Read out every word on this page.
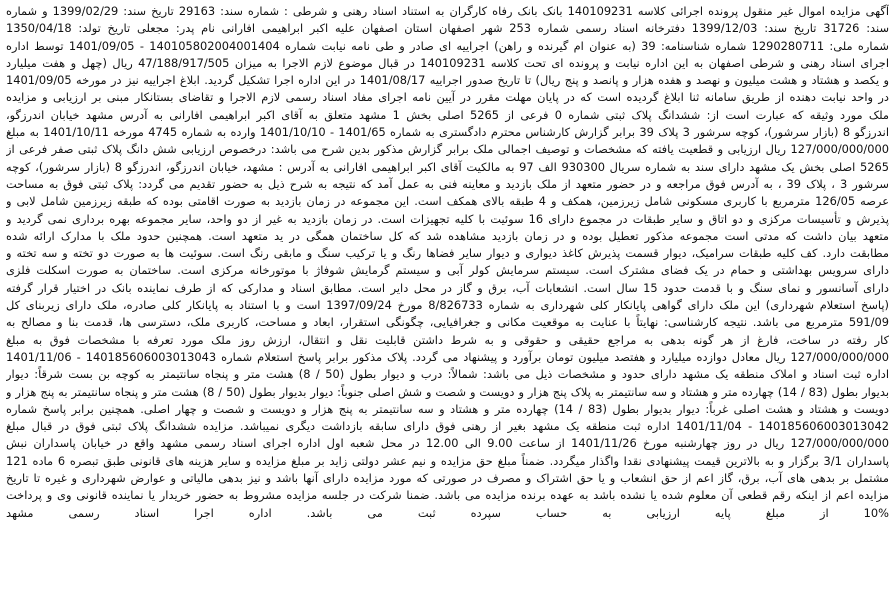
آگهی مزایده اموال غیر منقول پرونده اجرائی کلاسه 140109231 بانک بانک رفاه کارگران به استناد اسناد رهنی و شرطی : شماره سند: 29163 تاریخ سند: 1399/02/29 و شماره
سند: 31726 تاریخ سند: 1399/12/03 دفترخانه اسناد رسمی شماره 253 شهر اصفهان استان اصفهان علیه اکبر ابراهیمی افارانی نام پدر: مجعلی تاریخ تولد: 1350/04/18
شماره ملی: 1290280711 شماره شناسنامه: 39 (به عنوان ام گیرنده و راهن) اجراییه ای صادر و طی نامه نیابت شماره 140105802004001404 - 1401/09/05 توسط اداره
اجرای اسناد رهنی و شرطی اصفهان به این اداره نیابت و پرونده ای تحت کلاسه 140109231 در قبال موضوع لازم الاجرا به میزان 47/188/917/505 ریال (چهل و هفت میلیارد
و یکصد و هشتاد و هشت میلیون و نهصد و هفده هزار و پانصد و پنج ریال) تا تاریخ صدور اجراییه 1401/08/17 در این اداره اجرا تشکیل گردید. ابلاغ اجراییه نیز در مورخه 1401/09/05
در واحد نیابت دهنده از طریق سامانه ثنا ابلاغ گردیده است که در پایان مهلت مقرر در آیین نامه اجرای مفاد اسناد رسمی لازم الاجرا و تقاضای بستانکار مبنی بر ارزیابی و مزایده
ملک مورد وثیقه که عبارت است از: ششدانگ پلاک ثبتی شماره 0 فرعی از 5265 اصلی بخش 1 مشهد متعلق به آقای اکبر ابراهیمی افارانی به آدرس مشهد خیابان اندرزگو،
اندرزگو 8 (بازار سرشور)، کوچه سرشور 3 پلاک 39 برابر گزارش کارشناس محترم دادگستری به شماره 1401/65 - 1401/10/10 وارده به شماره 4745 مورخه 1401/10/11 به مبلغ
127/000/000/000 ریال ارزیابی و قطعیت یافته که مشخصات و توصیف اجمالی ملک برابر گزارش مذکور بدین شرح می باشد: درخصوص ارزیابی شش دانگ پلاک ثبتی صفر فرعی از
5265 اصلی بخش یک مشهد دارای سند به شماره سریال 930300 الف 97 به مالکیت آقای اکبر ابراهیمی افارانی به آدرس : مشهد، خیابان اندرزگو، اندرزگو 8 (بازار سرشور)، کوچه
سرشور 3 ، پلاک 39 ، به آدرس فوق مراجعه و در حضور متعهد از ملک بازدید و معاینه فنی به عمل آمد که نتیجه به شرح ذیل به حضور تقدیم می گردد: پلاک ثبتی فوق به مساحت
عرصه 126/05 مترمربع با کاربری مسکونی شامل زیرزمین، همکف و 4 طبقه بالای همکف است. این مجموعه در زمان بازدید به صورت اقامتی بوده که طبقه زیرزمین شامل لابی و
پذیرش و تأسیسات مرکزی و دو اتاق و سایر طبقات در مجموع دارای 16 سوئیت با کلیه تجهیزات است. در زمان بازدید به غیر از دو واحد، سایر مجموعه بهره برداری نمی گردید و
متعهد بیان داشت که مدتی است مجموعه مذکور تعطیل بوده و در زمان بازدید مشاهده شد که کل ساختمان همگی در ید متعهد است. همچنین حدود ملک با مدارک ارائه شده
مطابقت دارد. کف کلیه طبقات سرامیک، دیوار قسمت پذیرش کاغذ دیواری و دیوار سایر فضاها رنگ و یا ترکیب سنگ و مابقی رنگ است. سوئیت ها به صورت دو تخته و سه تخته و
دارای سرویس بهداشتی و حمام در یک فضای مشترک است. سیستم سرمایش کولر آبی و سیستم گرمایش شوفاژ با موتورخانه مرکزی است. ساختمان به صورت اسکلت فلزی
دارای آسانسور و نمای سنگ و با قدمت حدود 15 سال است. انشعابات آب، برق و گاز در محل دایر است. مطابق اسناد و مدارکی که از طرف نماینده بانک در اختیار قرار گرفته
(پاسخ استعلام شهرداری) این ملک دارای گواهی پایانکار کلی شهرداری به شماره 8/826733 مورخ 1397/09/24 است و با استناد به پایانکار کلی صادره، ملک دارای زیربنای کل
591/09 مترمربع می باشد. نتیجه کارشناسی: نهایتاً با عنایت به موقعیت مکانی و جغرافیایی، چگونگی استقرار، ابعاد و مساحت، کاربری ملک، دسترسی ها، قدمت بنا و مصالح به
کار رفته در ساخت، فارغ از هر گونه بدهی به مراجع حقیقی و حقوقی و به شرط داشتن قابلیت نقل و انتقال، ارزش روز ملک مورد تعرفه با مشخصات فوق به مبلغ
127/000/000/000 ریال معادل دوازده میلیارد و هفتصد میلیون تومان برآورد و پیشنهاد می گردد. پلاک مذکور برابر پاسخ استعلام شماره 140185606003013043 - 1401/11/06
اداره ثبت اسناد و املاک منطقه یک مشهد دارای حدود و مشخصات ذیل می باشد: شمالاً: درب و دیوار بطول (50 / 8) هشت متر و پنجاه سانتیمتر به کوچه بن بست شرقاً: دیوار
بدیوار بطول (83 / 14) چهارده متر و هشتاد و سه سانتیمتر به پلاک پنج هزار و دویست و شصت و شش اصلی جنوباً: دیوار بدیوار بطول (50 / 8) هشت متر و پنجاه سانتیمتر به پنج هزار و
دویست و هشتاد و هشت اصلی غرباً: دیوار بدیوار بطول (83 / 14) چهارده متر و هشتاد و سه سانتیمتر به پنج هزار و دویست و شصت و چهار اصلی. همچنین برابر پاسخ شماره
140185606003013042 - 1401/11/04 اداره ثبت منطقه یک مشهد بغیر از رهنی فوق دارای سابقه بازداشت دیگری نمیباشد. مزایده ششدانگ پلاک ثبتی فوق در قبال مبلغ
127/000/000/000 ریال در روز چهارشنبه مورخ 1401/11/26 از ساعت 9.00 الی 12.00 در محل شعبه اول اداره اجرای اسناد رسمی مشهد واقع در خیابان پاسداران نبش
پاسداران 3/1 برگزار و به بالاترین قیمت پیشنهادی نقدا واگذار میگردد. ضمناً مبلغ حق مزایده و نیم عشر دولتی زاید بر مبلغ مزایده و سایر هزینه های قانونی طبق تبصره 6 ماده 121
مشتمل بر بدهی های آب، برق، گاز اعم از حق انشعاب و یا حق اشتراک و مصرف در صورتی که مورد مزایده دارای آنها باشد و نیز بدهی مالیاتی و عوارض شهرداری و غیره تا تاریخ
مزایده اعم از اینکه رقم قطعی آن معلوم شده یا نشده باشد به عهده برنده مزایده می باشد. ضمنا شرکت در جلسه مزایده مشروط به حضور خریدار یا نماینده قانونی وی و پرداخت
10% از مبلغ پایه ارزیابی به حساب سپرده ثبت می باشد. اداره اجرا اسناد رسمی مشهد
